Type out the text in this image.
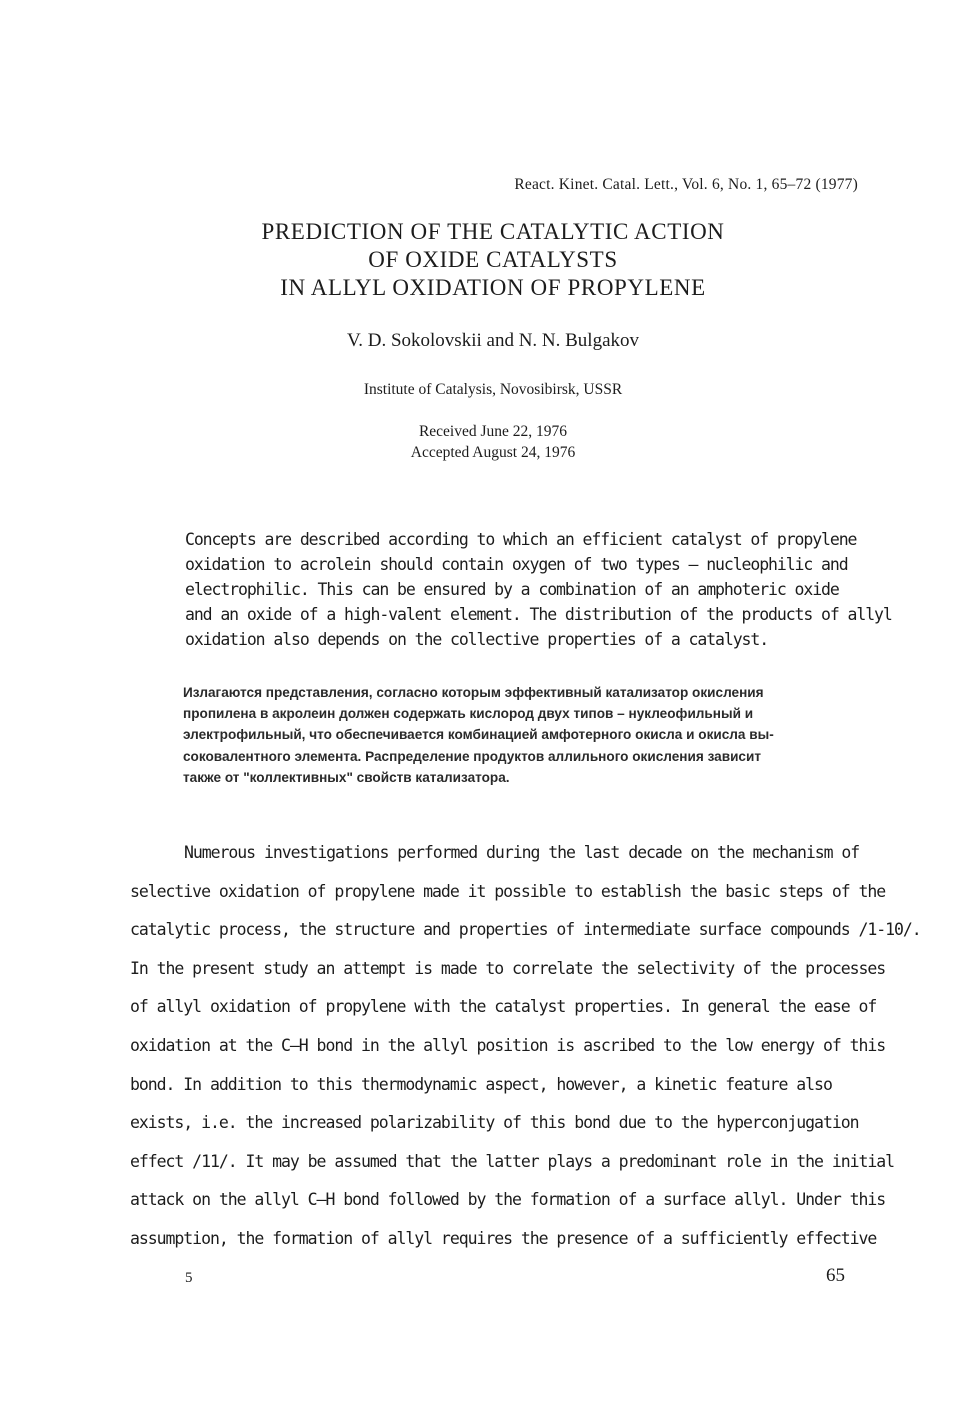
React. Kinet. Catal. Lett., Vol. 6, No. 1, 65–72 (1977)

PREDICTION OF THE CATALYTIC ACTION
OF OXIDE CATALYSTS
IN ALLYL OXIDATION OF PROPYLENE

V. D. Sokolovskii and N. N. Bulgakov

Institute of Catalysis, Novosibirsk, USSR

Received June 22, 1976

Accepted August 24, 1976

Concepts are described according to which an efficient catalyst of propylene
oxidation to acrolein should contain oxygen of two types – nucleophilic and
electrophilic. This can be ensured by a combination of an amphoteric oxide
and an oxide of a high-valent element. The distribution of the products of allyl
oxidation also depends on the collective properties of a catalyst.
Излагаются представления, согласно которым эффективный катализатор окисления
пропилена в акролеин должен содержать кислород двух типов – нуклеофильный и
электрофильный, что обеспечивается комбинацией амфотерного окисла и окисла вы-
соковалентного элемента. Распределение продуктов аллильного окисления зависит
также от "коллективных" свойств катализатора.
Numerous investigations performed during the last decade on the mechanism of
selective oxidation of propylene made it possible to establish the basic steps of the
catalytic process, the structure and properties of intermediate surface compounds /1-10/.
In the present study an attempt is made to correlate the selectivity of the processes
of allyl oxidation of propylene with the catalyst properties. In general the ease of
oxidation at the C—H bond in the allyl position is ascribed to the low energy of this
bond. In addition to this thermodynamic aspect, however, a kinetic feature also
exists, i.e. the increased polarizability of this bond due to the hyperconjugation
effect /11/. It may be assumed that the latter plays a predominant role in the initial
attack on the allyl C—H bond followed by the formation of a surface allyl. Under this
assumption, the formation of allyl requires the presence of a sufficiently effective

5	65
